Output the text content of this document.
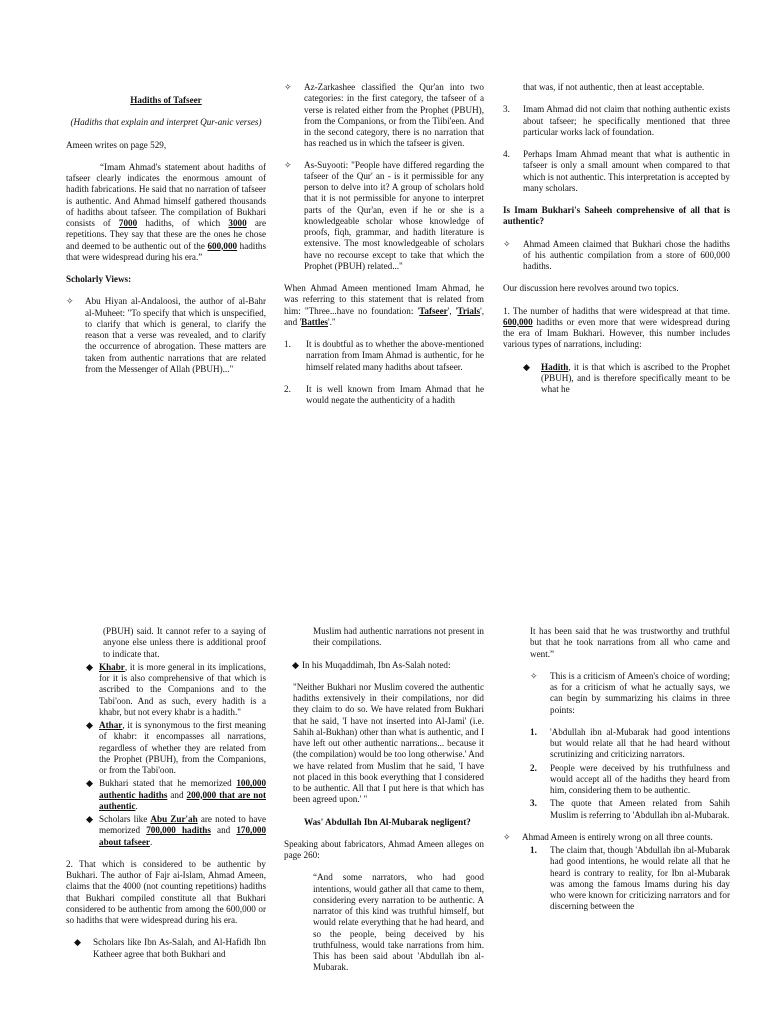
Hadiths of Tafseer

(Hadiths that explain and interpret Qur-anic verses)

Ameen writes on page 529,

“Imam Ahmad's statement about hadiths of tafseer clearly indicates the enormous amount of hadith fabrications. He said that no narration of tafseer is authentic. And Ahmad himself gathered thousands of hadiths about tafseer. The compilation of Bukhari consists of 7000 hadiths, of which 3000 are repetitions. They say that these are the ones he chose and deemed to be authentic out of the 600,000 hadiths that were widespread during his era.”

Scholarly Views:

✧ Abu Hiyan al-Andaloosi, the author of al-Bahr al-Muheet: "To specify that which is unspecified, to clarify that which is general, to clarify the reason that a verse was revealed, and to clarify the occurrence of abrogation. These matters are taken from authentic narrations that are related from the Messenger of Allah (PBUH)..."
✧ Az-Zarkashee classified the Qur'an into two categories: in the first category, the tafseer of a verse is related either from the Prophet (PBUH), from the Companions, or from the Tiibi'een. And in the second category, there is no narration that has reached us in which the tafseer is given.
✧ As-Suyooti: "People have differed regarding the tafseer of the Qur' an - is it permissible for any person to delve into it? A group of scholars hold that it is not permissible for anyone to interpret parts of the Qur'an, even if he or she is a knowledgeable scholar whose knowledge of proofs, fiqh, grammar, and hadith literature is extensive. The most knowledgeable of scholars have no recourse except to take that which the Prophet (PBUH) related..."

When Ahmad Ameen mentioned Imam Ahmad, he was referring to this statement that is related from him: "Three...have no foundation: 'Tafseer', 'Trials', and 'Battles'."

1. It is doubtful as to whether the above-mentioned narration from Imam Ahmad is authentic, for he himself related many hadiths about tafseer.
2. It is well known from Imam Ahmad that he would negate the authenticity of a hadith

that was, if not authentic, then at least acceptable.

3. Imam Ahmad did not claim that nothing authentic exists about tafseer; he specifically mentioned that three particular works lack of foundation.
4. Perhaps Imam Ahmad meant that what is authentic in tafseer is only a small amount when compared to that which is not authentic. This interpretation is accepted by many scholars.

Is Imam Bukhari's Saheeh comprehensive of all that is authentic?

✧ Ahmad Ameen claimed that Bukhari chose the hadiths of his authentic compilation from a store of 600,000 hadiths.

Our discussion here revolves around two topics.

1. The number of hadiths that were widespread at that time. 600,000 hadiths or even more that were widespread during the era of Imam Bukhari. However, this number includes various types of narrations, including:

◆ Hadith, it is that which is ascribed to the Prophet (PBUH), and is therefore specifically meant to be what he

(PBUH) said. It cannot refer to a saying of anyone else unless there is additional proof to indicate that.

◆ Khabr, it is more general in its implications, for it is also comprehensive of that which is ascribed to the Companions and to the Tabi'oon. And as such, every hadith is a khabr, but not every khabr is a hadith."
◆ Athar, it is synonymous to the first meaning of khabr: it encompasses all narrations, regardless of whether they are related from the Prophet (PBUH), from the Companions, or from the Tabi'oon.
◆ Bukhari stated that he memorized 100,000 authentic hadiths and 200,000 that are not authentic.
◆ Scholars like Abu Zur'ah are noted to have memorized 700,000 hadiths and 170,000 about tafseer.

2. That which is considered to be authentic by Bukhari. The author of Fajr ai-Islam, Ahmad Ameen, claims that the 4000 (not counting repetitions) hadiths that Bukhari compiled constitute all that Bukhari considered to be authentic from among the 600,000 or so hadiths that were widespread during his era.

◆ Scholars like Ibn As-Salah, and Al-Hafidh Ibn Katheer agree that both Bukhari and

Muslim had authentic narrations not present in their compilations.

◆ In his Muqaddimah, Ibn As-Salah noted:

"Neither Bukhari nor Muslim covered the authentic hadiths extensively in their compilations, nor did they claim to do so. We have related from Bukhari that he said, 'I have not inserted into Al-Jami' (i.e. Sahih al-Bukhan) other than what is authentic, and I have left out other authentic narrations... because it (the compilation) would be too long otherwise.' And we have related from Muslim that he said, 'I have not placed in this book everything that I considered to be authentic. All that I put here is that which has been agreed upon.' "

Was' Abdullah Ibn Al-Mubarak negligent?

Speaking about fabricators, Ahmad Ameen alleges on page 260:

“And some narrators, who had good intentions, would gather all that came to them, considering every narration to be authentic. A narrator of this kind was truthful himself, but would relate everything that he had heard, and so the people, being deceived by his truthfulness, would take narrations from him. This has been said about 'Abdullah ibn al-Mubarak.

It has been said that he was trustworthy and truthful but that he took narrations from all who came and went.”

✧ This is a criticism of Ameen's choice of wording; as for a criticism of what he actually says, we can begin by summarizing his claims in three points:
1. 'Abdullah ibn al-Mubarak had good intentions but would relate all that he had heard without scrutinizing and criticizing narrators.
2. People were deceived by his truthfulness and would accept all of the hadiths they heard from him, considering them to be authentic.
3. The quote that Ameen related from Sahih Muslim is referring to 'Abdullah ibn al-Mubarak.
✧ Ahmad Ameen is entirely wrong on all three counts.
1. The claim that, though 'Abdullah ibn al-Mubarak had good intentions, he would relate all that he heard is contrary to reality, for Ibn al-Mubarak was among the famous Imams during his day who were known for criticizing narrators and for discerning between the
